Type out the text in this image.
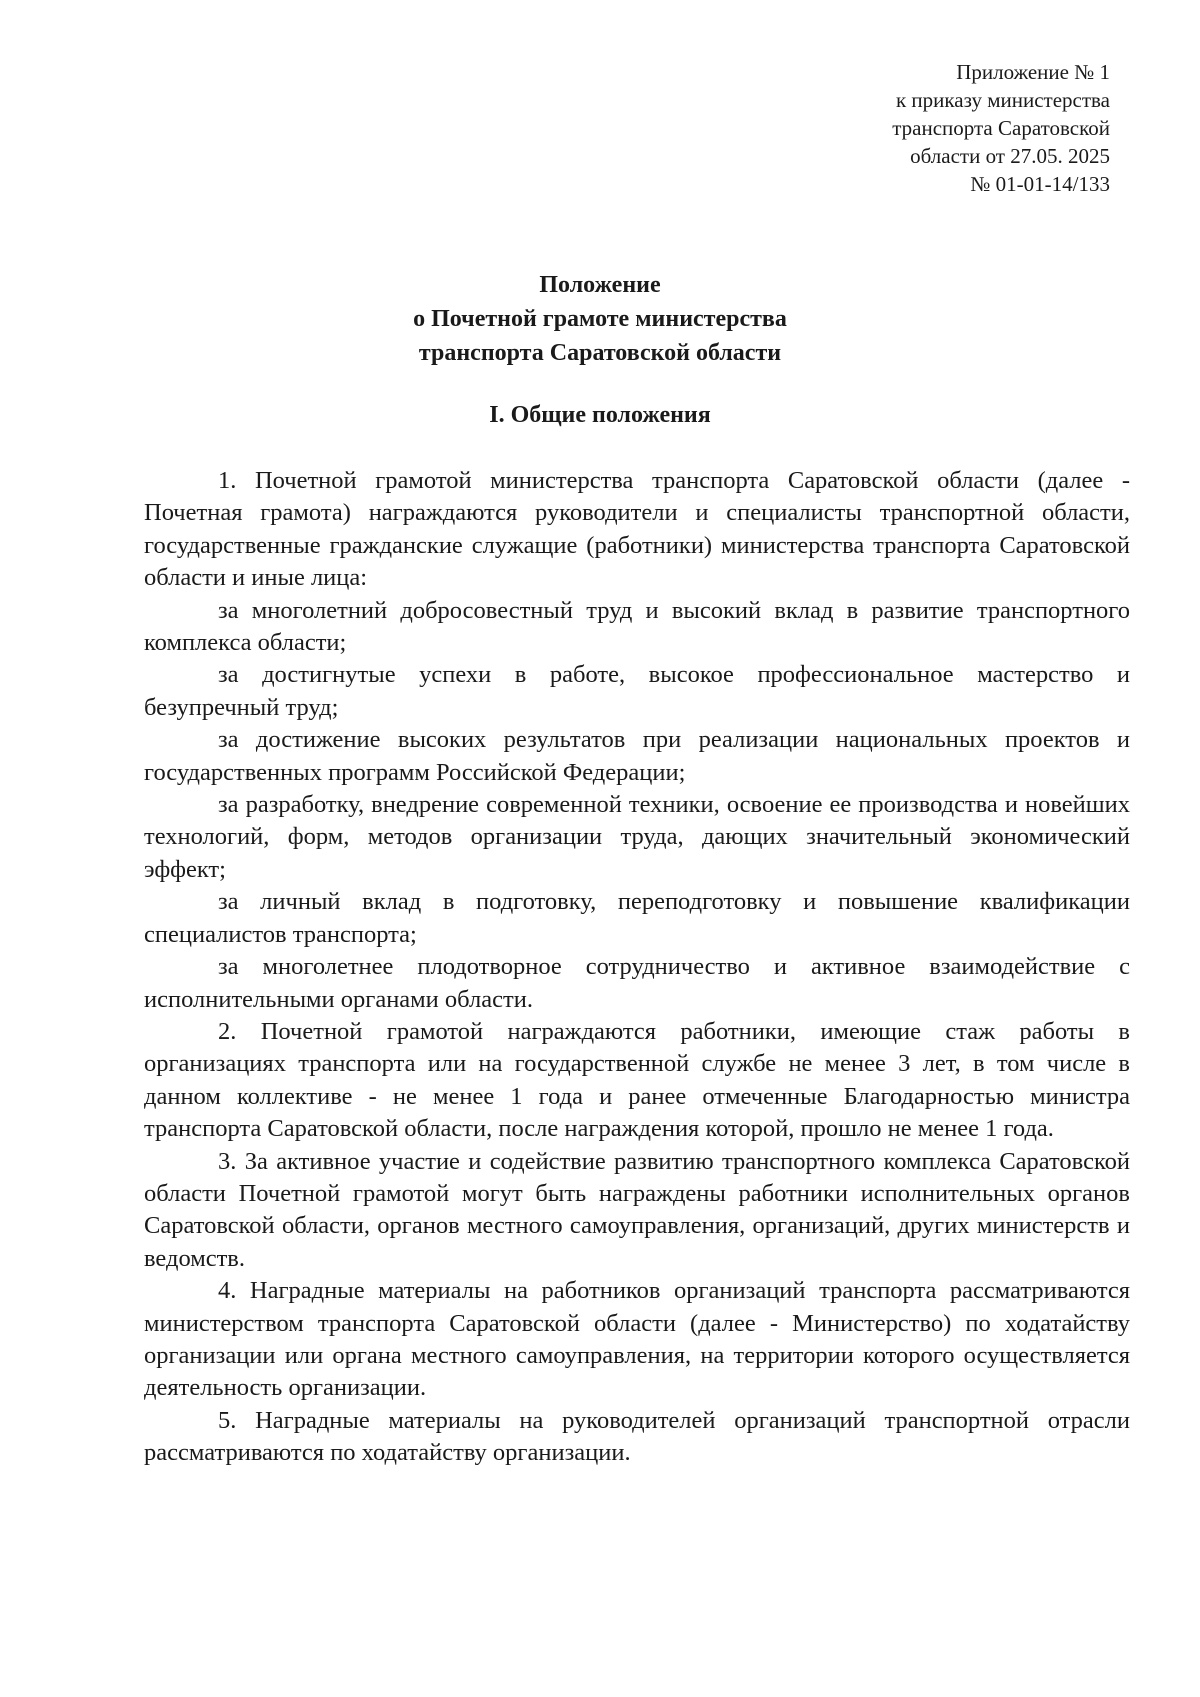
Приложение № 1
к приказу министерства
транспорта Саратовской
области от 27.05. 2025
№ 01-01-14/133
Положение
о Почетной грамоте министерства
транспорта Саратовской области
I. Общие положения

1. Почетной грамотой министерства транспорта Саратовской области (далее - Почетная грамота) награждаются руководители и специалисты транспортной области, государственные гражданские служащие (работники) министерства транспорта Саратовской области и иные лица:

за многолетний добросовестный труд и высокий вклад в развитие транспортного комплекса области;

за достигнутые успехи в работе, высокое профессиональное мастерство и безупречный труд;

за достижение высоких результатов при реализации национальных проектов и государственных программ Российской Федерации;

за разработку, внедрение современной техники, освоение ее производства и новейших технологий, форм, методов организации труда, дающих значительный экономический эффект;

за личный вклад в подготовку, переподготовку и повышение квалификации специалистов транспорта;

за многолетнее плодотворное сотрудничество и активное взаимодействие с исполнительными органами области.

2. Почетной грамотой награждаются работники, имеющие стаж работы в организациях транспорта или на государственной службе не менее 3 лет, в том числе в данном коллективе - не менее 1 года и ранее отмеченные Благодарностью министра транспорта Саратовской области, после награждения которой, прошло не менее 1 года.

3. За активное участие и содействие развитию транспортного комплекса Саратовской области Почетной грамотой могут быть награждены работники исполнительных органов Саратовской области, органов местного самоуправления, организаций, других министерств и ведомств.

4. Наградные материалы на работников организаций транспорта рассматриваются министерством транспорта Саратовской области (далее - Министерство) по ходатайству организации или органа местного самоуправления, на территории которого осуществляется деятельность организации.

5. Наградные материалы на руководителей организаций транспортной отрасли рассматриваются по ходатайству организации.
